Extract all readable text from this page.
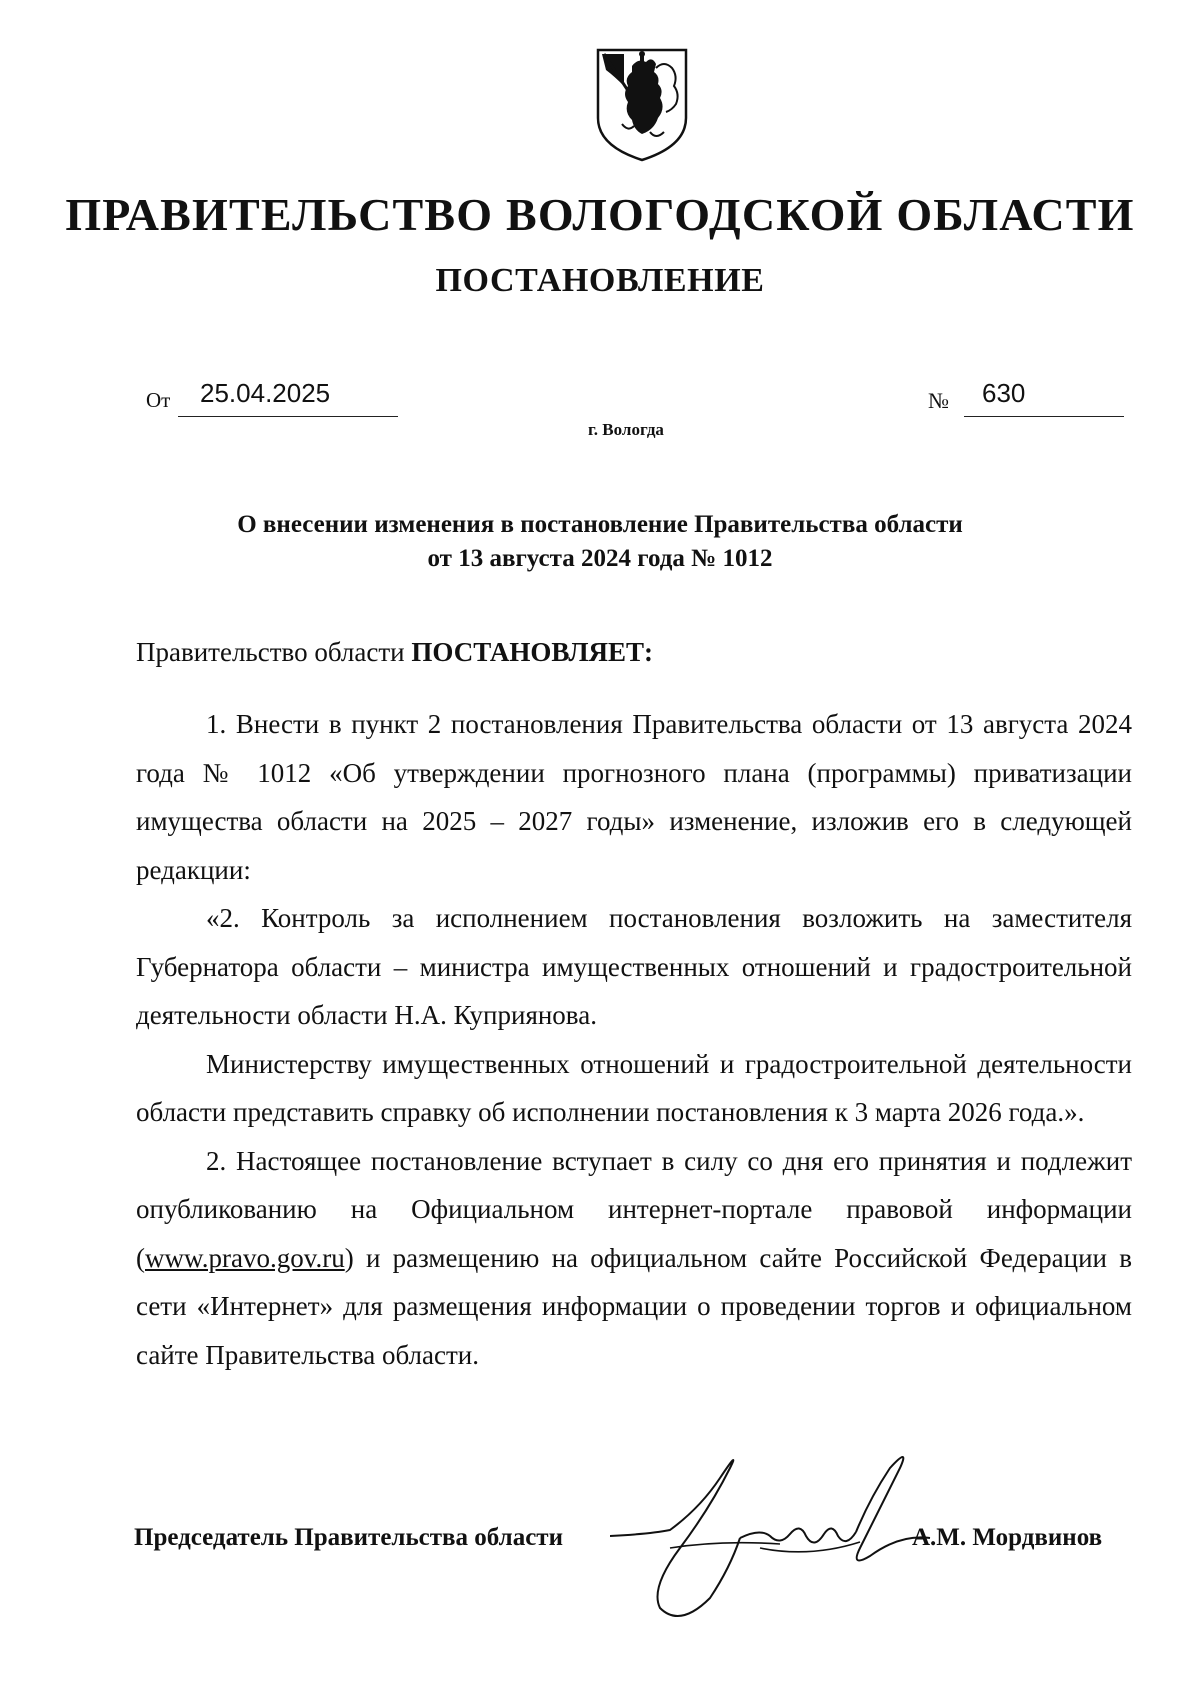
ПРАВИТЕЛЬСТВО ВОЛОГОДСКОЙ ОБЛАСТИ
ПОСТАНОВЛЕНИЕ
От 25.04.2025	№ 630
г. Вологда
О внесении изменения в постановление Правительства области
от 13 августа 2024 года № 1012
Правительство области ПОСТАНОВЛЯЕТ:

1. Внести в пункт 2 постановления Правительства области от 13 августа 2024 года № 1012 «Об утверждении прогнозного плана (программы) приватизации имущества области на 2025 – 2027 годы» изменение, изложив его в следующей редакции:

«2. Контроль за исполнением постановления возложить на заместителя Губернатора области – министра имущественных отношений и градостроительной деятельности области Н.А. Куприянова.

Министерству имущественных отношений и градостроительной деятельности области представить справку об исполнении постановления к 3 марта 2026 года.».

2. Настоящее постановление вступает в силу со дня его принятия и подлежит опубликованию на Официальном интернет-портале правовой информации (www.pravo.gov.ru) и размещению на официальном сайте Российской Федерации в сети «Интернет» для размещения информации о проведении торгов и официальном сайте Правительства области.

Председатель Правительства области	А.М. Мордвинов
